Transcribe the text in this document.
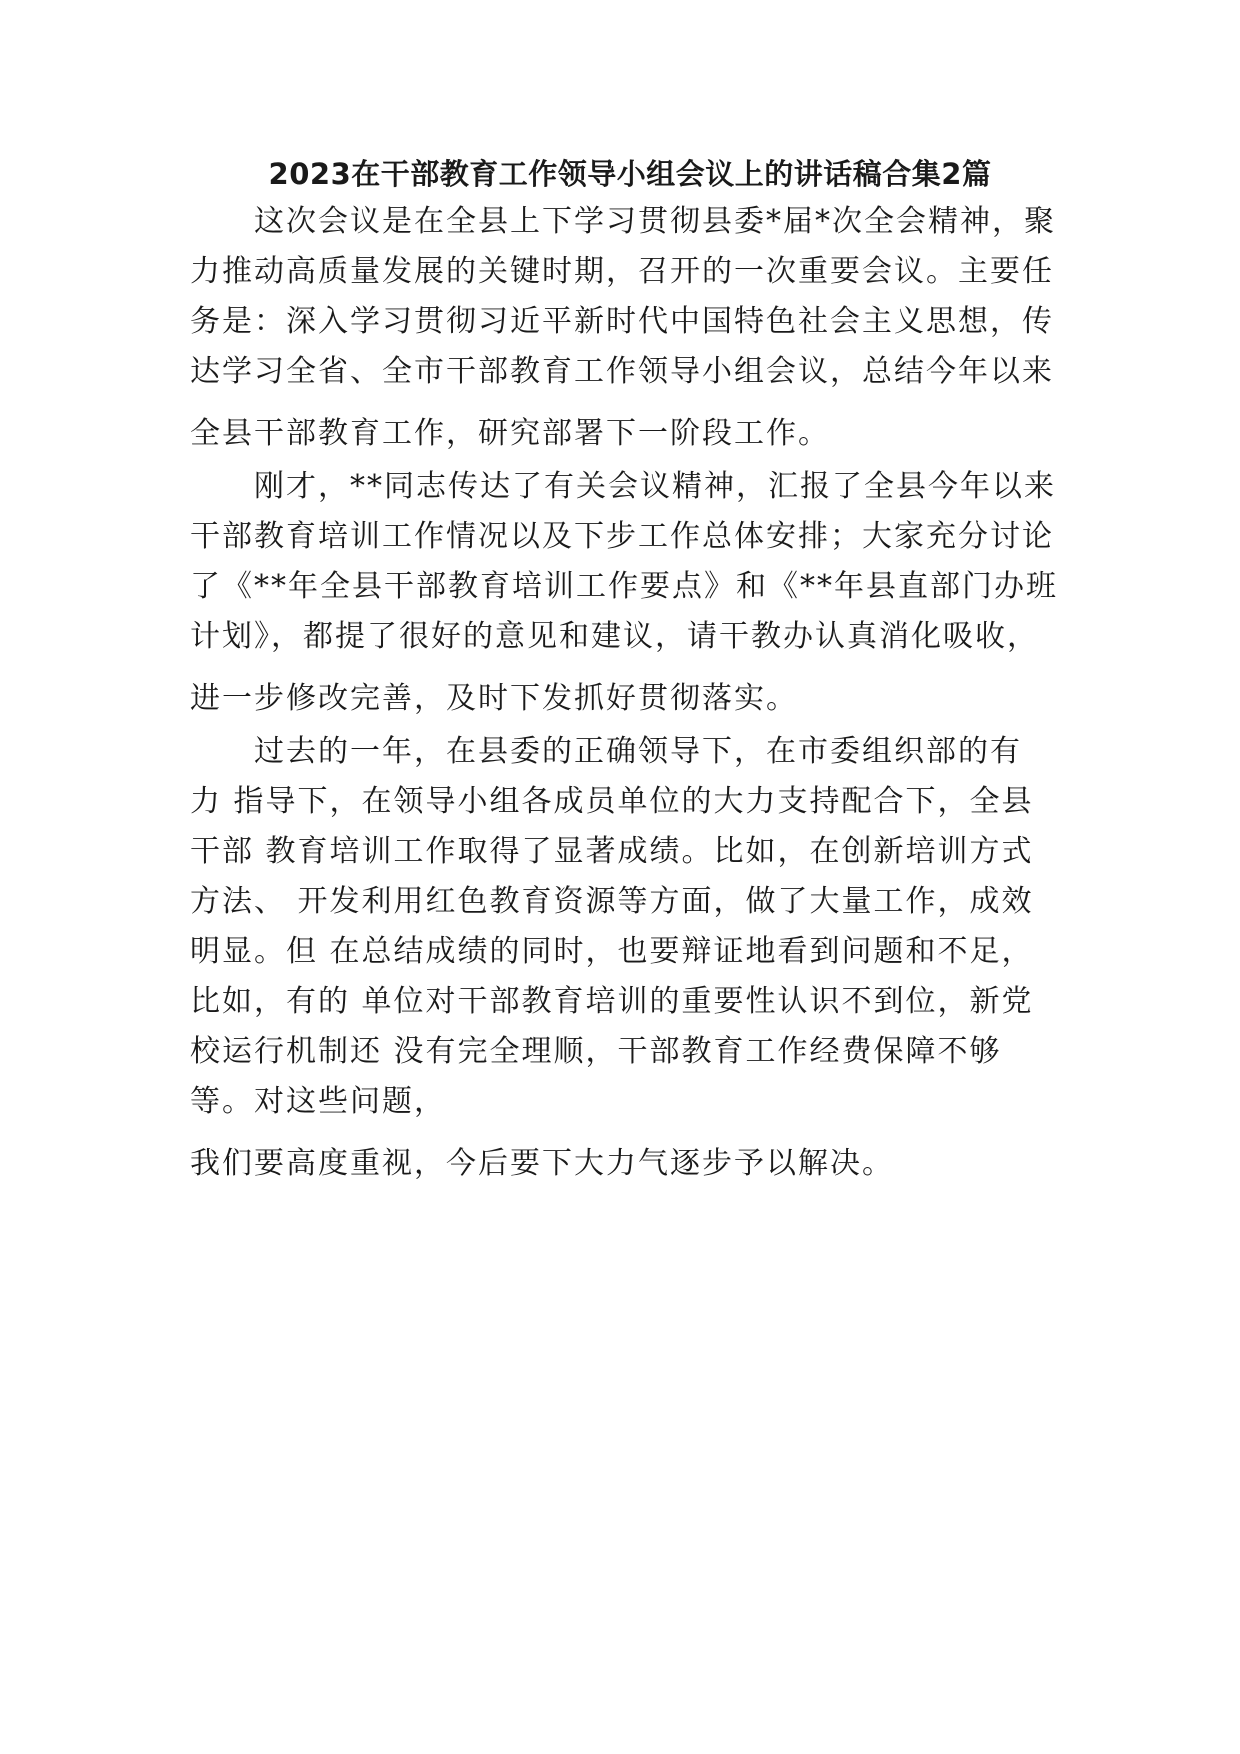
2023在干部教育工作领导小组会议上的讲话稿合集2篇
这次会议是在全县上下学习贯彻县委*届*次全会精神，聚
力推动高质量发展的关键时期，召开的一次重要会议。主要任
务是：深入学习贯彻习近平新时代中国特色社会主义思想，传
达学习全省、全市干部教育工作领导小组会议，总结今年以来
全县干部教育工作，研究部署下一阶段工作。
刚才，**同志传达了有关会议精神，汇报了全县今年以来
干部教育培训工作情况以及下步工作总体安排；大家充分讨论
了《**年全县干部教育培训工作要点》和《**年县直部门办班
计划》，都提了很好的意见和建议，请干教办认真消化吸收，
进一步修改完善，及时下发抓好贯彻落实。
过去的一年，在县委的正确领导下，在市委组织部的有
力 指导下，在领导小组各成员单位的大力支持配合下，全县
干部 教育培训工作取得了显著成绩。比如，在创新培训方式
方法、 开发利用红色教育资源等方面，做了大量工作，成效
明显。但 在总结成绩的同时，也要辩证地看到问题和不足，
比如，有的 单位对干部教育培训的重要性认识不到位，新党
校运行机制还 没有完全理顺，干部教育工作经费保障不够
等。对这些问题，
我们要高度重视，今后要下大力气逐步予以解决。
